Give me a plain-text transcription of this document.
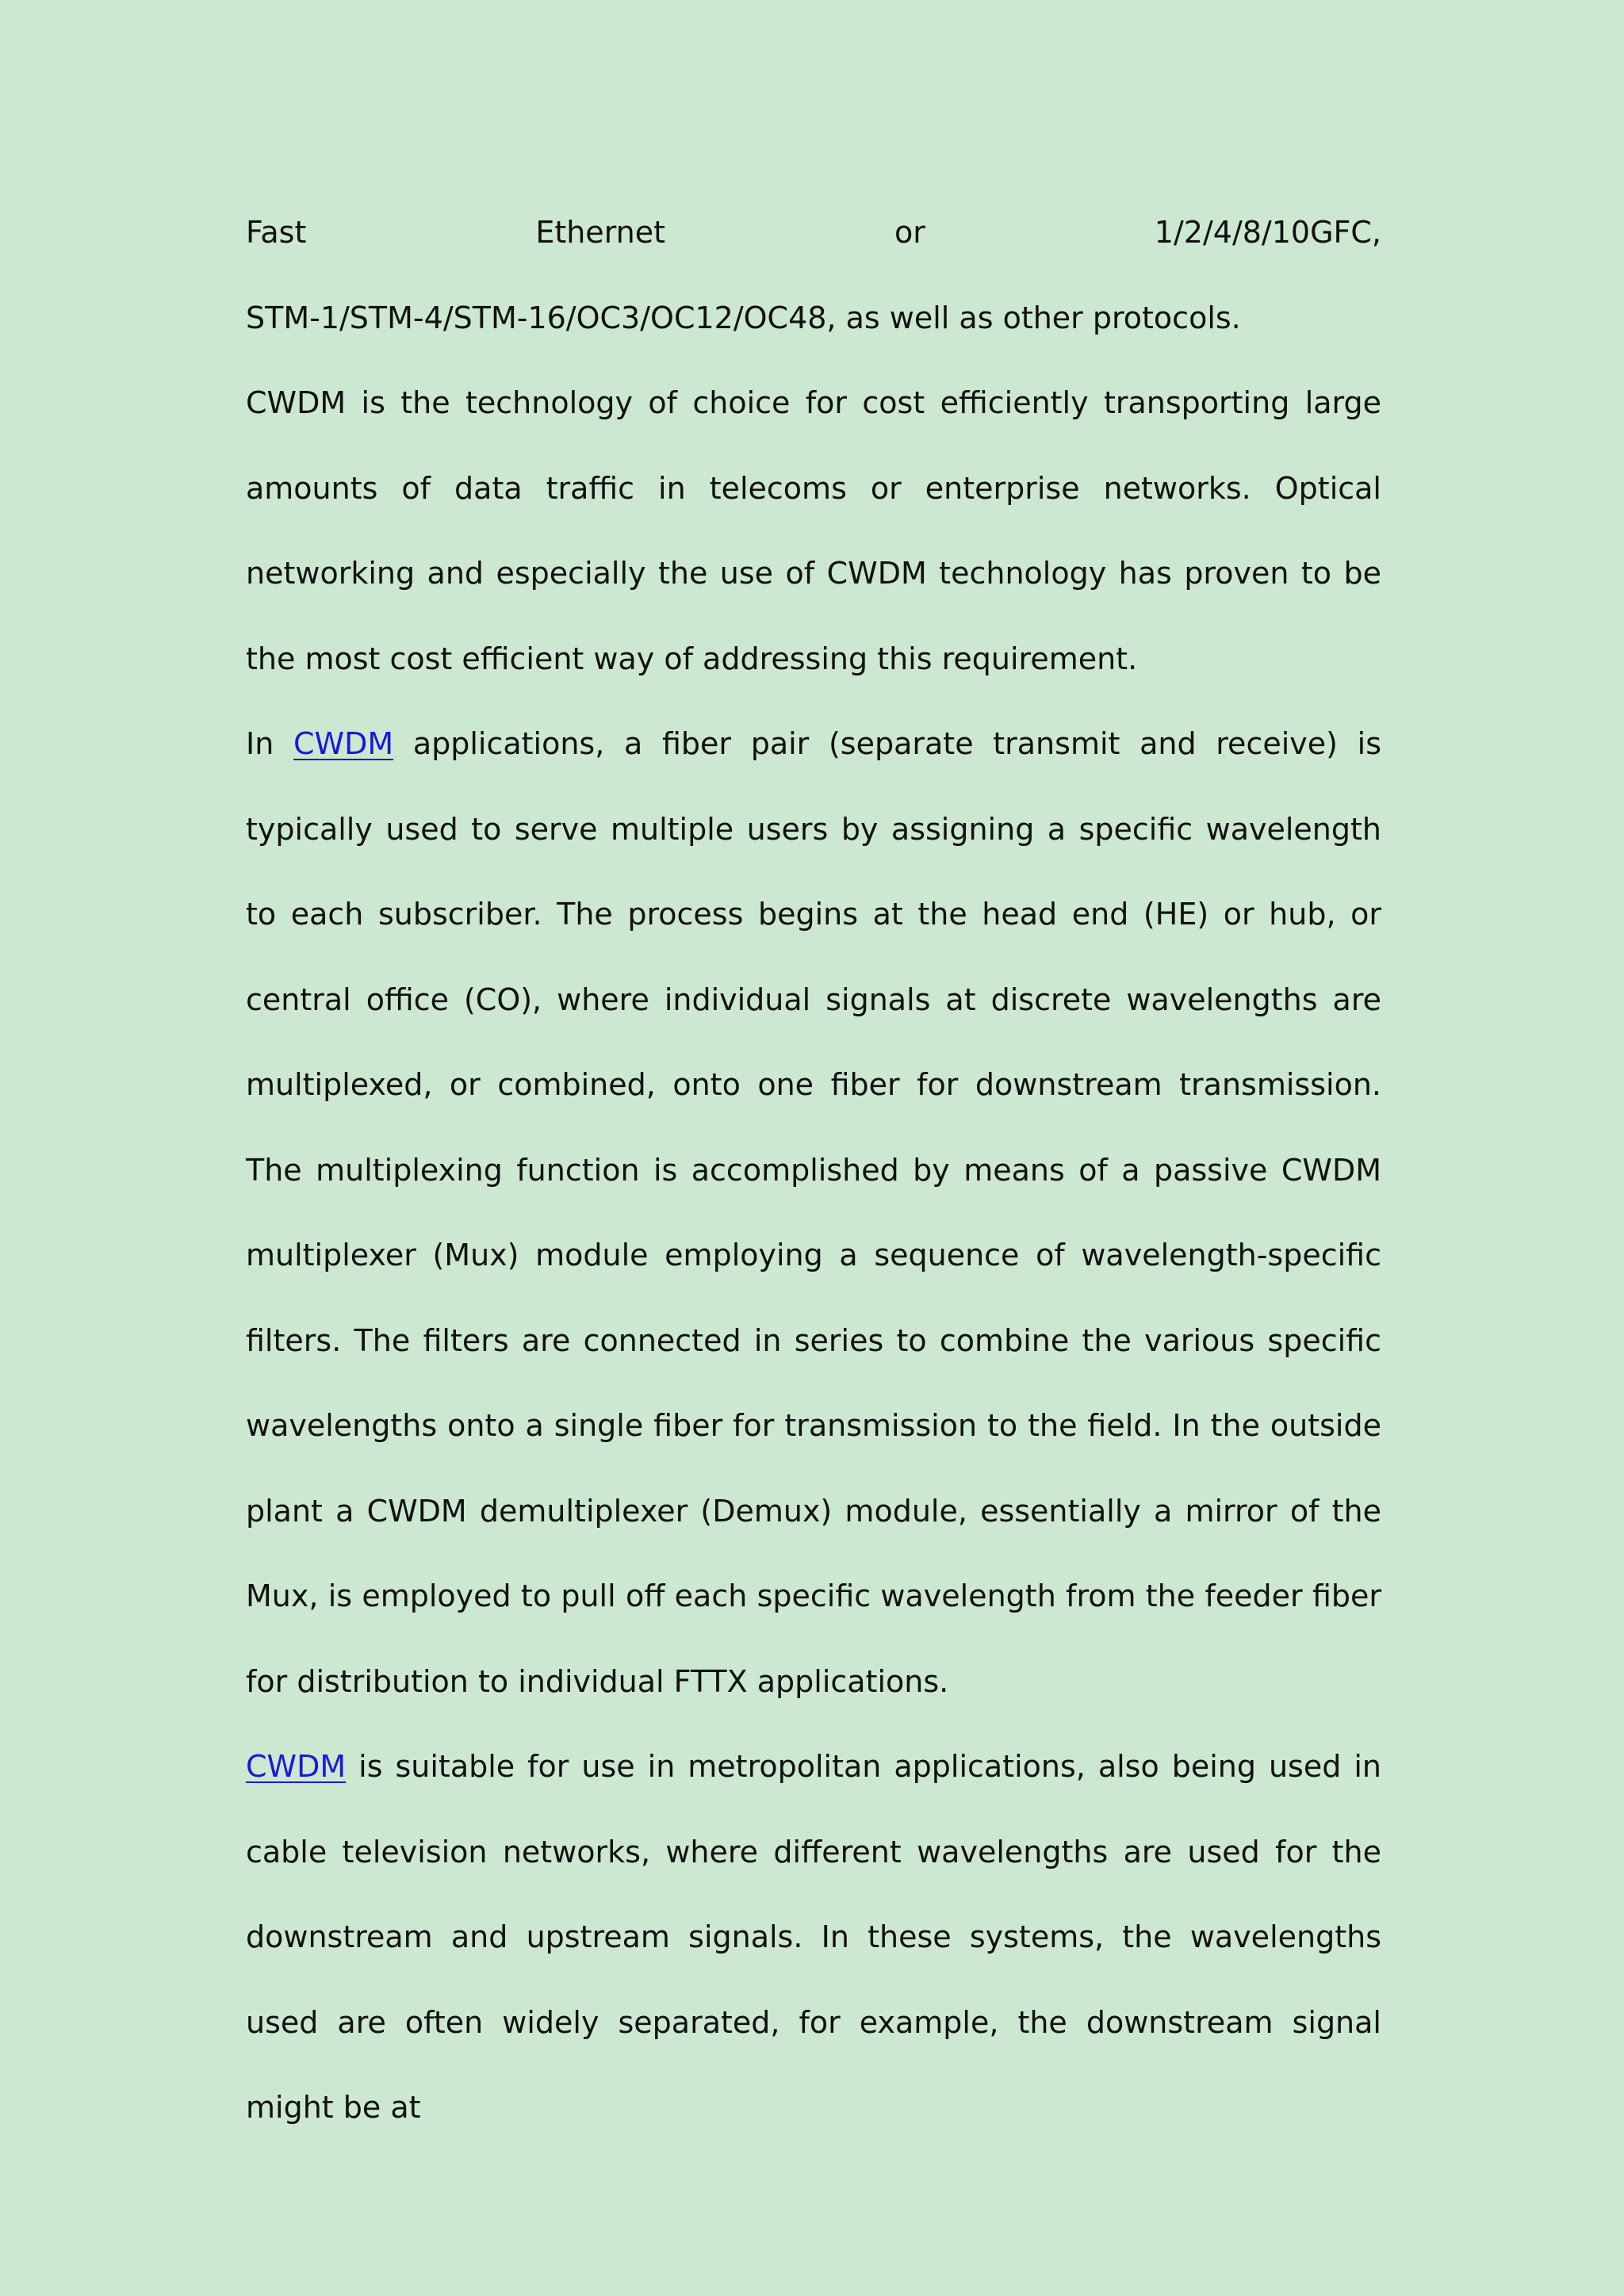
Fast Ethernet or 1/2/4/8/10GFC,
STM-1/STM-4/STM-16/OC3/OC12/OC48, as well as other protocols.

CWDM is the technology of choice for cost efficiently transporting large amounts of data traffic in telecoms or enterprise networks. Optical networking and especially the use of CWDM technology has proven to be the most cost efficient way of addressing this requirement.

In CWDM applications, a fiber pair (separate transmit and receive) is typically used to serve multiple users by assigning a specific wavelength to each subscriber. The process begins at the head end (HE) or hub, or central office (CO), where individual signals at discrete wavelengths are multiplexed, or combined, onto one fiber for downstream transmission. The multiplexing function is accomplished by means of a passive CWDM multiplexer (Mux) module employing a sequence of wavelength-specific filters. The filters are connected in series to combine the various specific wavelengths onto a single fiber for transmission to the field. In the outside plant a CWDM demultiplexer (Demux) module, essentially a mirror of the Mux, is employed to pull off each specific wavelength from the feeder fiber for distribution to individual FTTX applications.

CWDM is suitable for use in metropolitan applications, also being used in cable television networks, where different wavelengths are used for the downstream and upstream signals. In these systems, the wavelengths used are often widely separated, for example, the downstream signal might be at
